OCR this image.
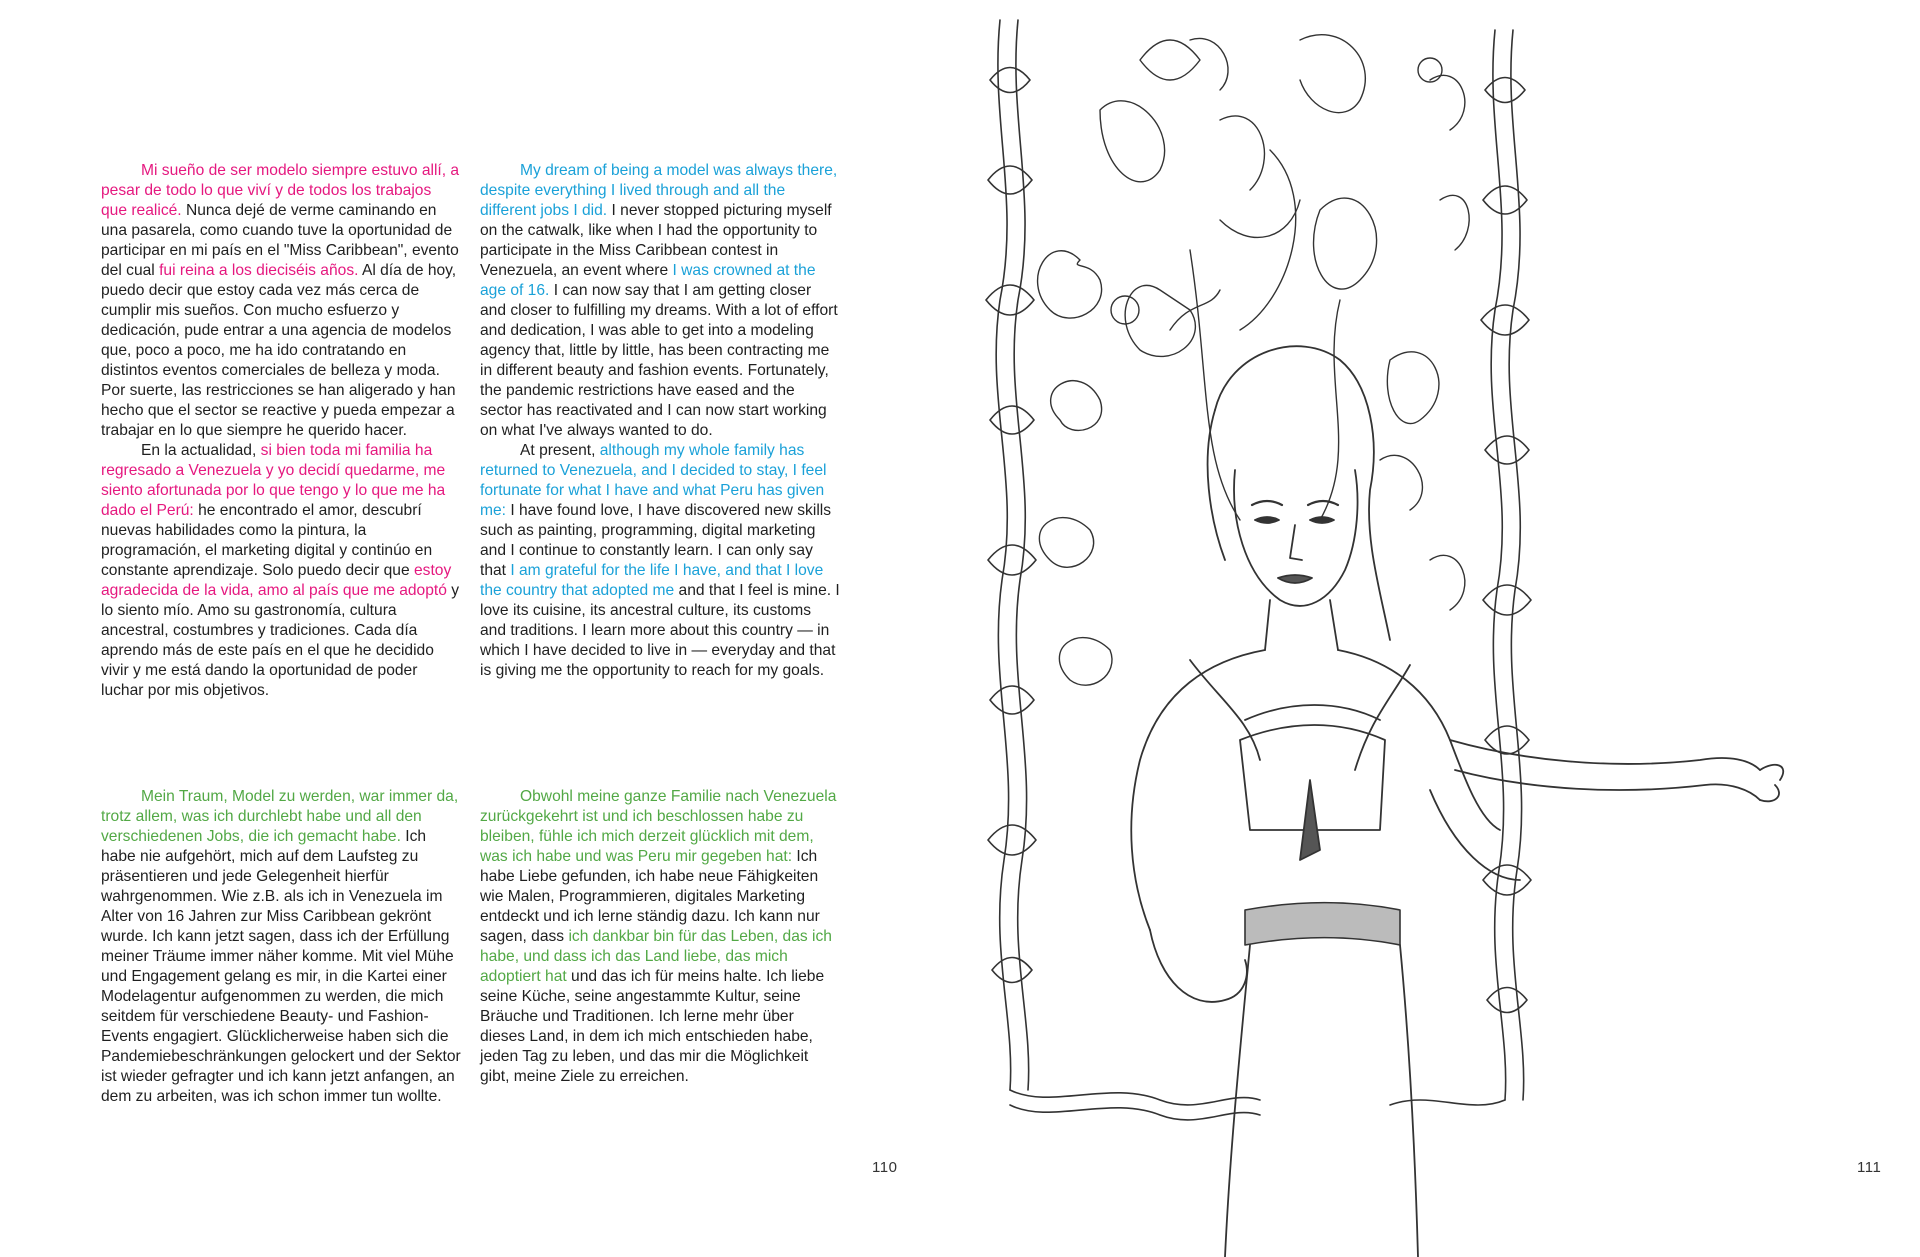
Mi sueño de ser modelo siempre estuvo allí, a pesar de todo lo que viví y de todos los trabajos que realicé. Nunca dejé de verme caminando en una pasarela, como cuando tuve la oportunidad de participar en mi país en el "Miss Caribbean", evento del cual fui reina a los dieciséis años. Al día de hoy, puedo decir que estoy cada vez más cerca de cumplir mis sueños. Con mucho esfuerzo y dedicación, pude entrar a una agencia de modelos que, poco a poco, me ha ido contratando en distintos eventos comerciales de belleza y moda. Por suerte, las restricciones se han aligerado y han hecho que el sector se reactive y pueda empezar a trabajar en lo que siempre he querido hacer.

En la actualidad, si bien toda mi familia ha regresado a Venezuela y yo decidí quedarme, me siento afortunada por lo que tengo y lo que me ha dado el Perú: he encontrado el amor, descubrí nuevas habilidades como la pintura, la programación, el marketing digital y continúo en constante aprendizaje. Solo puedo decir que estoy agradecida de la vida, amo al país que me adoptó y lo siento mío. Amo su gastronomía, cultura ancestral, costumbres y tradiciones. Cada día aprendo más de este país en el que he decidido vivir y me está dando la oportunidad de poder luchar por mis objetivos.

My dream of being a model was always there, despite everything I lived through and all the different jobs I did. I never stopped picturing myself on the catwalk, like when I had the opportunity to participate in the Miss Caribbean contest in Venezuela, an event where I was crowned at the age of 16. I can now say that I am getting closer and closer to fulfilling my dreams. With a lot of effort and dedication, I was able to get into a modeling agency that, little by little, has been contracting me in different beauty and fashion events. Fortunately, the pandemic restrictions have eased and the sector has reactivated and I can now start working on what I've always wanted to do.

At present, although my whole family has returned to Venezuela, and I decided to stay, I feel fortunate for what I have and what Peru has given me: I have found love, I have discovered new skills such as painting, programming, digital marketing and I continue to constantly learn. I can only say that I am grateful for the life I have, and that I love the country that adopted me and that I feel is mine. I love its cuisine, its ancestral culture, its customs and traditions. I learn more about this country — in which I have decided to live in — everyday and that is giving me the opportunity to reach for my goals.

Mein Traum, Model zu werden, war immer da, trotz allem, was ich durchlebt habe und all den verschiedenen Jobs, die ich gemacht habe. Ich habe nie aufgehört, mich auf dem Laufsteg zu präsentieren und jede Gelegenheit hierfür wahrgenommen. Wie z.B. als ich in Venezuela im Alter von 16 Jahren zur Miss Caribbean gekrönt wurde. Ich kann jetzt sagen, dass ich der Erfüllung meiner Träume immer näher komme. Mit viel Mühe und Engagement gelang es mir, in die Kartei einer Modelagentur aufgenommen zu werden, die mich seitdem für verschiedene Beauty- und Fashion-Events engagiert. Glücklicherweise haben sich die Pandemiebeschränkungen gelockert und der Sektor ist wieder gefragter und ich kann jetzt anfangen, an dem zu arbeiten, was ich schon immer tun wollte.

Obwohl meine ganze Familie nach Venezuela zurückgekehrt ist und ich beschlossen habe zu bleiben, fühle ich mich derzeit glücklich mit dem, was ich habe und was Peru mir gegeben hat: Ich habe Liebe gefunden, ich habe neue Fähigkeiten wie Malen, Programmieren, digitales Marketing entdeckt und ich lerne ständig dazu. Ich kann nur sagen, dass ich dankbar bin für das Leben, das ich habe, und dass ich das Land liebe, das mich adoptiert hat und das ich für meins halte. Ich liebe seine Küche, seine angestammte Kultur, seine Bräuche und Traditionen. Ich lerne mehr über dieses Land, in dem ich mich entschieden habe, jeden Tag zu leben, und das mir die Möglichkeit gibt, meine Ziele zu erreichen.

110	111
